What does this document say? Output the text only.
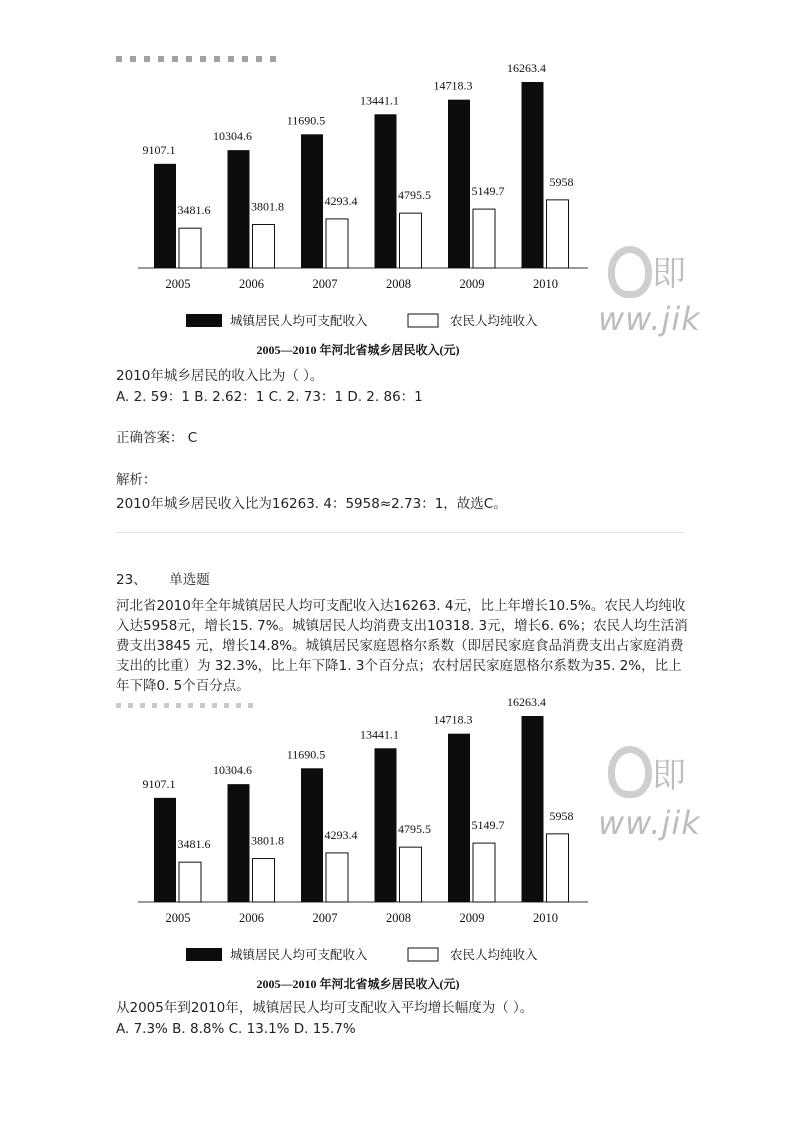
9107.1
3481.6
2005
10304.6
3801.8
2006
11690.5
4293.4
2007
13441.1
4795.5
2008
14718.3
5149.7
2009
16263.4
5958
2010
城镇居民人均可支配收入	农民人均纯收入
2005—2010 年河北省城乡居民收入(元)
即
ww.jik
2010年城乡居民的收入比为（ ）。
A. 2. 59：1 B. 2.62：1 C. 2. 73：1 D. 2. 86：1
正确答案： C
解析：
2010年城乡居民收入比为16263. 4：5958≈2.73：1，故选C。
23、 单选题
河北省2010年全年城镇居民人均可支配收入达16263. 4元，比上年增长10.5%。农民人均纯收入达5958元，增长15. 7%。城镇居民人均消费支出10318. 3元，增长6. 6%；农民人均生活消费支出3845 元，增长14.8%。城镇居民家庭恩格尔系数（即居民家庭食品消费支出占家庭消费支出的比重）为 32.3%，比上年下降1. 3个百分点；农村居民家庭恩格尔系数为35. 2%，比上年下降0. 5个百分点。
9107.1
3481.6
2005
10304.6
3801.8
2006
11690.5
4293.4
2007
13441.1
4795.5
2008
14718.3
5149.7
2009
16263.4
5958
2010
城镇居民人均可支配收入	农民人均纯收入
2005—2010 年河北省城乡居民收入(元)
即
ww.jik
从2005年到2010年，城镇居民人均可支配收入平均增长幅度为（ ）。
A. 7.3% B. 8.8% C. 13.1% D. 15.7%
